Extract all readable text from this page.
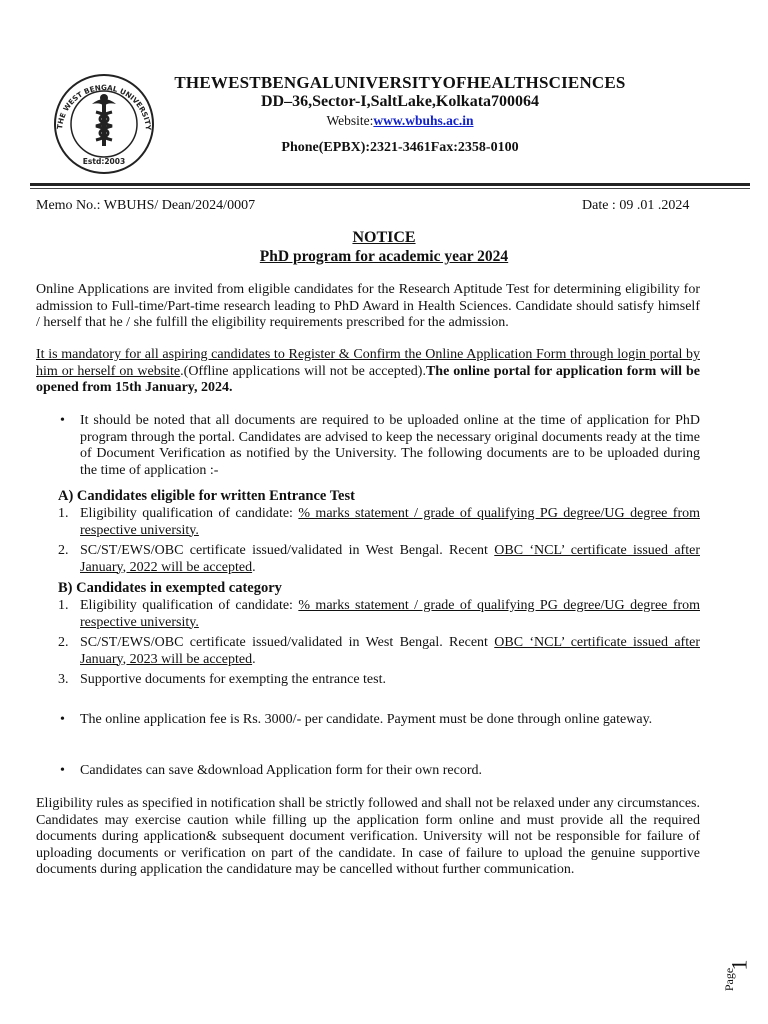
THE WEST BENGAL UNIVERSITY
Estd:2003
THEWESTBENGALUNIVERSITYOFHEALTHSCIENCES
DD–36,Sector-I,SaltLake,Kolkata700064
Website:www.wbuhs.ac.in
Phone(EPBX):2321-3461Fax:2358-0100
Memo No.: WBUHS/ Dean/2024/0007	Date : 09 .01 .2024
NOTICE
PhD program for academic year 2024
Online Applications are invited from eligible candidates for the Research Aptitude Test for determining eligibility for admission to Full-time/Part-time research leading to PhD Award in Health Sciences. Candidate should satisfy himself / herself that he / she fulfill the eligibility requirements prescribed for the admission.
It is mandatory for all aspiring candidates to Register & Confirm the Online Application Form through login portal by him or herself on website.(Offline applications will not be accepted).The online portal for application form will be opened from 15th January, 2024.
• It should be noted that all documents are required to be uploaded online at the time of application for PhD program through the portal. Candidates are advised to keep the necessary original documents ready at the time of Document Verification as notified by the University. The following documents are to be uploaded during the time of application :-
A) Candidates eligible for written Entrance Test
1. Eligibility qualification of candidate: % marks statement / grade of qualifying PG degree/UG degree from respective university.
2. SC/ST/EWS/OBC certificate issued/validated in West Bengal. Recent OBC ‘NCL’ certificate issued after January, 2022 will be accepted.
B) Candidates in exempted category
1. Eligibility qualification of candidate: % marks statement / grade of qualifying PG degree/UG degree from respective university.
2. SC/ST/EWS/OBC certificate issued/validated in West Bengal. Recent OBC ‘NCL’ certificate issued after January, 2023 will be accepted.
3. Supportive documents for exempting the entrance test.
• The online application fee is Rs. 3000/- per candidate. Payment must be done through online gateway.
• Candidates can save &download Application form for their own record.
Eligibility rules as specified in notification shall be strictly followed and shall not be relaxed under any circumstances. Candidates may exercise caution while filling up the application form online and must provide all the required documents during application& subsequent document verification. University will not be responsible for failure of uploading documents or verification on part of the candidate. In case of failure to upload the genuine supportive documents during application the candidature may be cancelled without further communication.
Page
1
